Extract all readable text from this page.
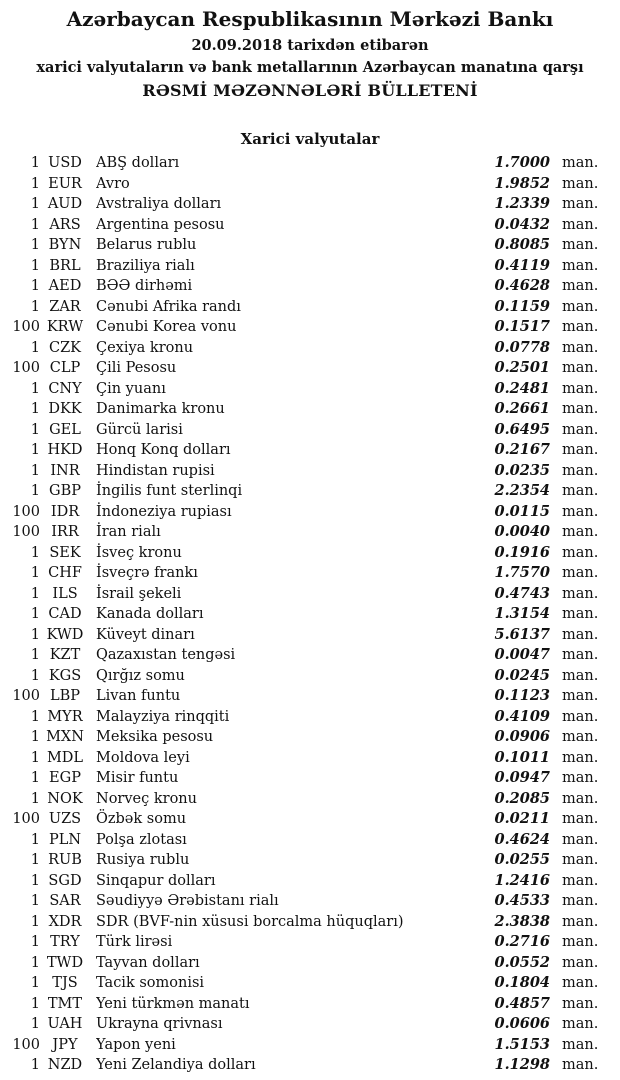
Azərbaycan Respublikasının Mərkəzi Bankı
20.09.2018 tarixdən etibarən
xarici valyutaların və bank metallarının Azərbaycan manatına qarşı
RƏSMİ MƏZƏNNƏLƏRİ BÜLLETENİ
Xarici valyutalar
1 USD ABŞ dolları	1.7000 man.
1 EUR Avro	1.9852 man.
1 AUD Avstraliya dolları	1.2339 man.
1 ARS	Argentina pesosu	0.0432 man.
1 BYN	Belarus rublu	0.8085 man.
1 BRL	Braziliya rialı	0.4119 man.
1 AED	BƏƏ dirhəmi	0.4628 man.
1 ZAR	Cənubi Afrika randı	0.1159 man.
100 KRW Cənubi Korea vonu	0.1517 man.
1 CZK	Çexiya kronu	0.0778 man.
100 CLP	Çili Pesosu	0.2501 man.
1 CNY Çin yuanı	0.2481 man.
1 DKK Danimarka kronu	0.2661 man.
1 GEL	Gürcü larisi	0.6495 man.
1 HKD Honq Konq dolları	0.2167 man.
1 INR	Hindistan rupisi	0.0235 man.
1 GBP	İngilis funt sterlinqi	2.2354 man.
100 IDR	İndoneziya rupiası	0.0115 man.
100 IRR	İran rialı	0.0040 man.
1 SEK	İsveç kronu	0.1916 man.
1 CHF İsveçrə frankı	1.7570 man.
1 ILS	İsrail şekeli	0.4743 man.
1 CAD Kanada dolları	1.3154 man.
1 KWD Küveyt dinarı	5.6137 man.
1 KZT	Qazaxıstan tengəsi	0.0047 man.
1 KGS	Qırğız somu	0.0245 man.
100 LBP	Livan funtu	0.1123 man.
1 MYR Malayziya rinqqiti	0.4109 man.
1 MXN Meksika pesosu	0.0906 man.
1 MDL Moldova leyi	0.1011 man.
1 EGP	Misir funtu	0.0947 man.
1 NOK Norveç kronu	0.2085 man.
100 UZS	Özbək somu	0.0211 man.
1 PLN	Polşa zlotası	0.4624 man.
1 RUB Rusiya rublu	0.0255 man.
1 SGD Sinqapur dolları	1.2416 man.
1 SAR	Səudiyyə Ərəbistanı rialı	0.4533 man.
1 XDR	SDR (BVF-nin xüsusi borcalma hüquqları)	2.3838 man.
1 TRY	Türk lirəsi	0.2716 man.
1 TWD Tayvan dolları	0.0552 man.
1 TJS	Tacik somonisi	0.1804 man.
1 TMT Yeni türkmən manatı	0.4857 man.
1 UAH Ukrayna qrivnası	0.0606 man.
100 JPY	Yapon yeni	1.5153 man.
1 NZD Yeni Zelandiya dolları	1.1298 man.
